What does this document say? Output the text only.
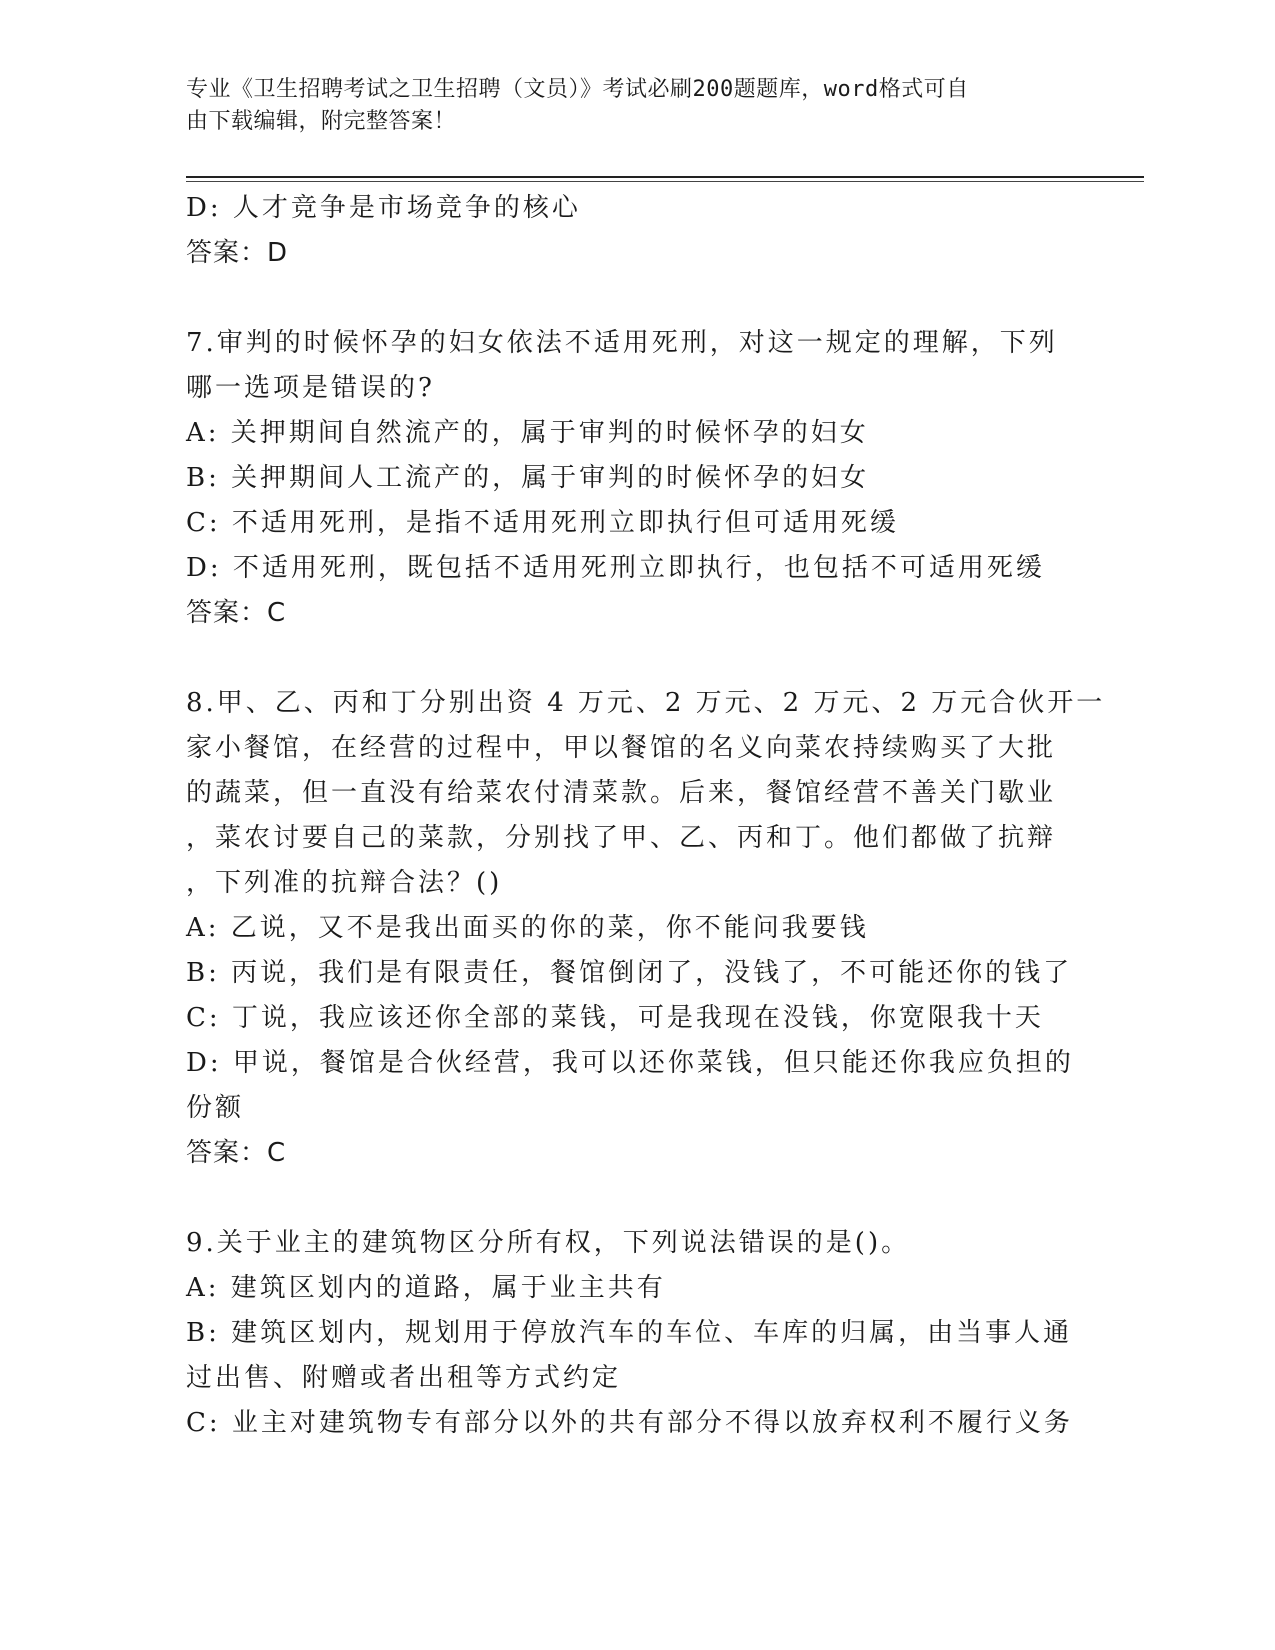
专业《卫生招聘考试之卫生招聘（文员）》考试必刷200题题库，word格式可自
由下载编辑，附完整答案！
D: 人才竞争是市场竞争的核心
答案：D
7.审判的时候怀孕的妇女依法不适用死刑，对这一规定的理解，下列
哪一选项是错误的?
A: 关押期间自然流产的，属于审判的时候怀孕的妇女
B: 关押期间人工流产的，属于审判的时候怀孕的妇女
C: 不适用死刑，是指不适用死刑立即执行但可适用死缓
D: 不适用死刑，既包括不适用死刑立即执行，也包括不可适用死缓
答案：C
8.甲、乙、丙和丁分别出资 4 万元、2 万元、2 万元、2 万元合伙开一
家小餐馆，在经营的过程中，甲以餐馆的名义向菜农持续购买了大批
的蔬菜，但一直没有给菜农付清菜款。后来，餐馆经营不善关门歇业
，菜农讨要自己的菜款，分别找了甲、乙、丙和丁。他们都做了抗辩
，下列准的抗辩合法？()
A: 乙说，又不是我出面买的你的菜，你不能问我要钱
B: 丙说，我们是有限责任，餐馆倒闭了，没钱了，不可能还你的钱了
C: 丁说，我应该还你全部的菜钱，可是我现在没钱，你宽限我十天
D: 甲说，餐馆是合伙经营，我可以还你菜钱，但只能还你我应负担的
份额
答案：C
9.关于业主的建筑物区分所有权，下列说法错误的是()。
A: 建筑区划内的道路，属于业主共有
B: 建筑区划内，规划用于停放汽车的车位、车库的归属，由当事人通
过出售、附赠或者出租等方式约定
C: 业主对建筑物专有部分以外的共有部分不得以放弃权利不履行义务
